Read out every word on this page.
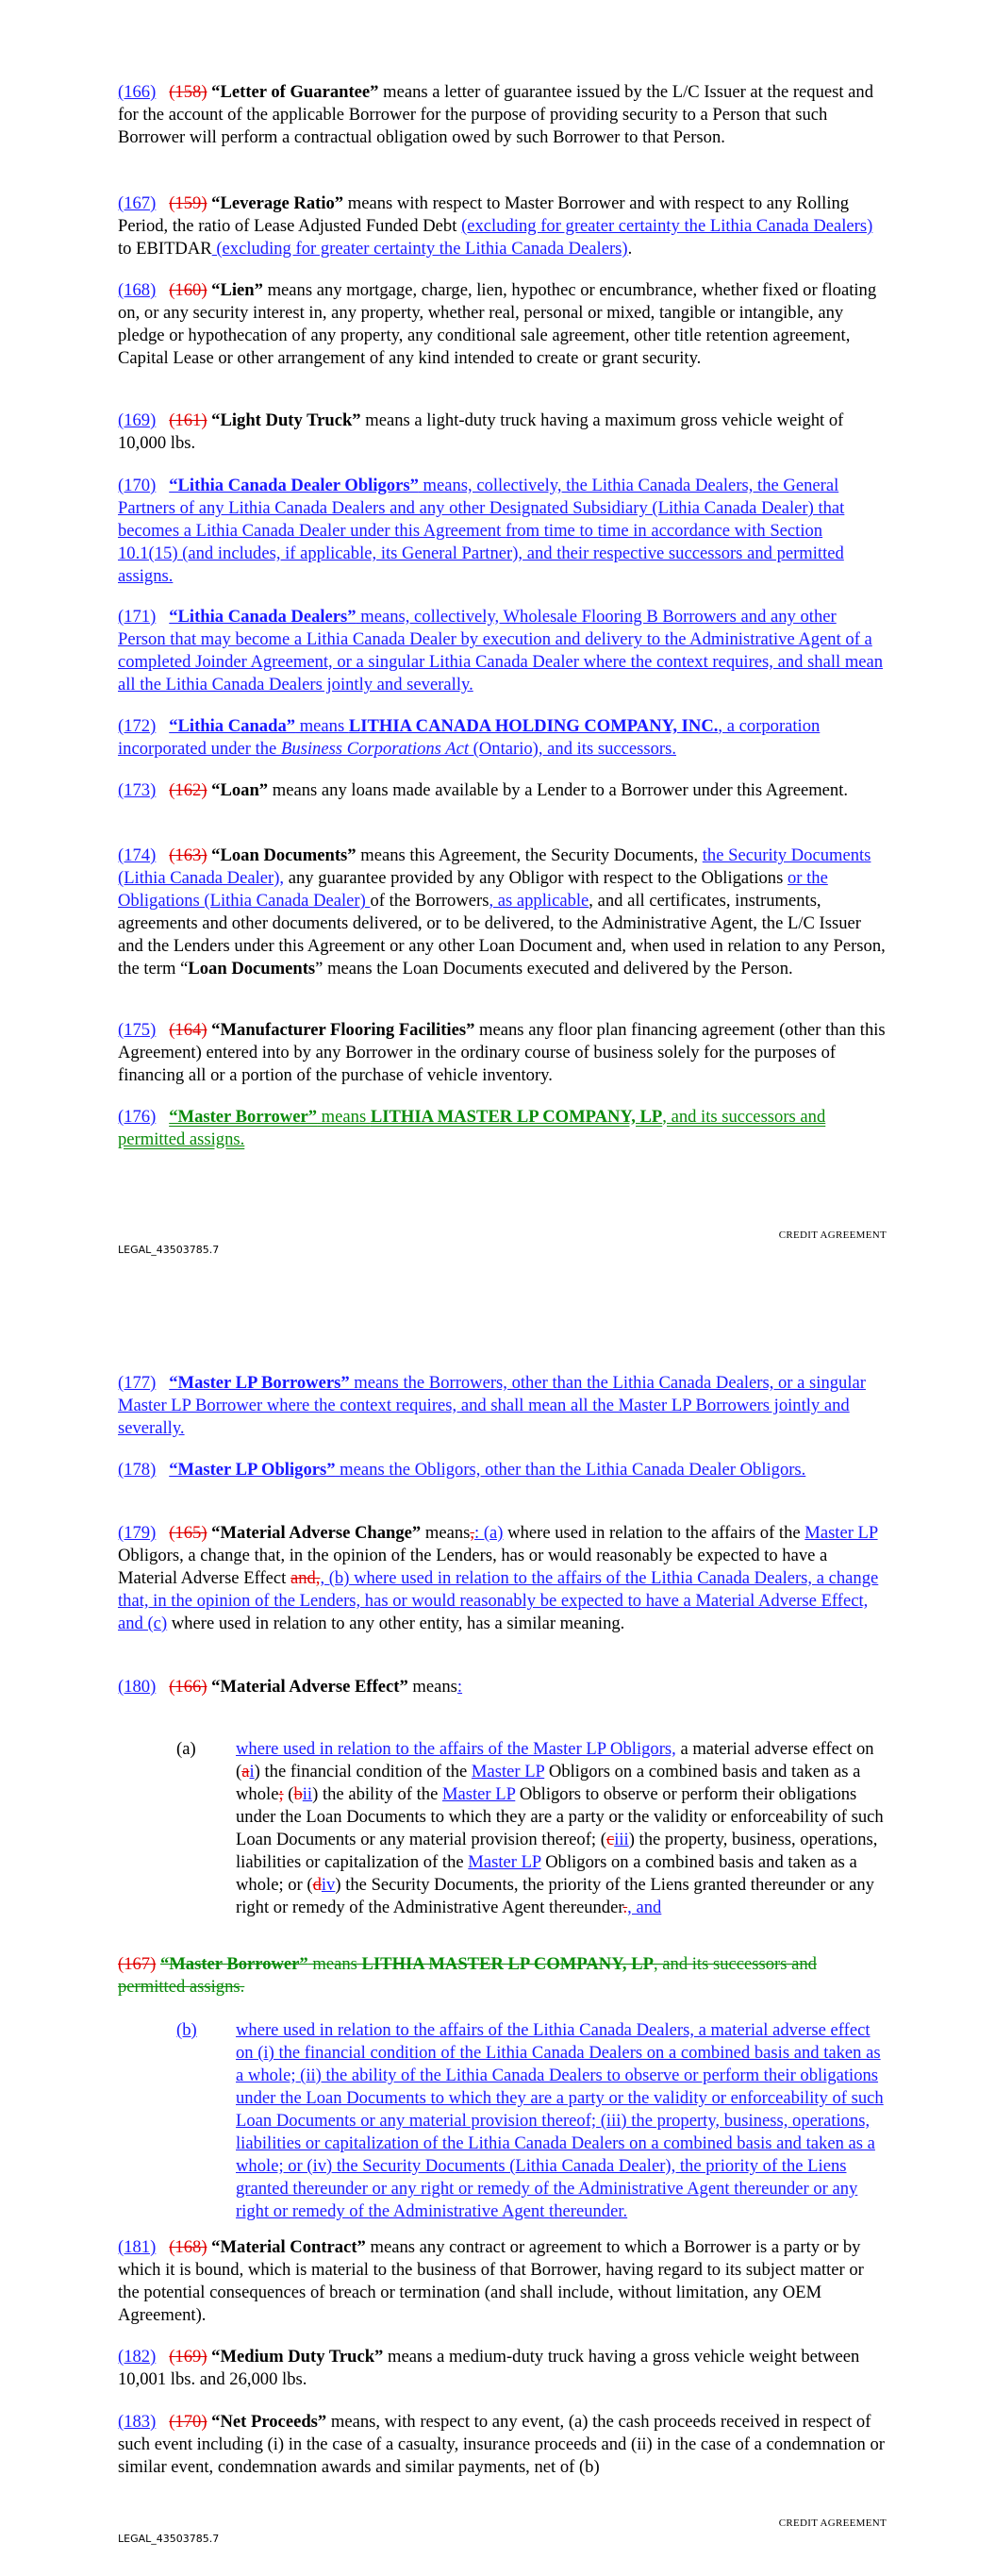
(166) (158) “Letter of Guarantee” means a letter of guarantee issued by the L/C Issuer at the request and for the account of the applicable Borrower for the purpose of providing security to a Person that such Borrower will perform a contractual obligation owed by such Borrower to that Person.

(167) (159) “Leverage Ratio” means with respect to Master Borrower and with respect to any Rolling Period, the ratio of Lease Adjusted Funded Debt (excluding for greater certainty the Lithia Canada Dealers) to EBITDAR (excluding for greater certainty the Lithia Canada Dealers).

(168) (160) “Lien” means any mortgage, charge, lien, hypothec or encumbrance, whether fixed or floating on, or any security interest in, any property, whether real, personal or mixed, tangible or intangible, any pledge or hypothecation of any property, any conditional sale agreement, other title retention agreement, Capital Lease or other arrangement of any kind intended to create or grant security.

(169) (161) “Light Duty Truck” means a light-duty truck having a maximum gross vehicle weight of 10,000 lbs.

(170) “Lithia Canada Dealer Obligors” means, collectively, the Lithia Canada Dealers, the General Partners of any Lithia Canada Dealers and any other Designated Subsidiary (Lithia Canada Dealer) that becomes a Lithia Canada Dealer under this Agreement from time to time in accordance with Section 10.1(15) (and includes, if applicable, its General Partner), and their respective successors and permitted assigns.

(171) “Lithia Canada Dealers” means, collectively, Wholesale Flooring B Borrowers and any other Person that may become a Lithia Canada Dealer by execution and delivery to the Administrative Agent of a completed Joinder Agreement, or a singular Lithia Canada Dealer where the context requires, and shall mean all the Lithia Canada Dealers jointly and severally.

(172) “Lithia Canada” means LITHIA CANADA HOLDING COMPANY, INC., a corporation incorporated under the Business Corporations Act (Ontario), and its successors.

(173) (162) “Loan” means any loans made available by a Lender to a Borrower under this Agreement.

(174) (163) “Loan Documents” means this Agreement, the Security Documents, the Security Documents (Lithia Canada Dealer), any guarantee provided by any Obligor with respect to the Obligations or the Obligations (Lithia Canada Dealer) of the Borrowers, as applicable, and all certificates, instruments, agreements and other documents delivered, or to be delivered, to the Administrative Agent, the L/C Issuer and the Lenders under this Agreement or any other Loan Document and, when used in relation to any Person, the term “Loan Documents” means the Loan Documents executed and delivered by the Person.

(175) (164) “Manufacturer Flooring Facilities” means any floor plan financing agreement (other than this Agreement) entered into by any Borrower in the ordinary course of business solely for the purposes of financing all or a portion of the purchase of vehicle inventory.

(176) “Master Borrower” means LITHIA MASTER LP COMPANY, LP, and its successors and permitted assigns.

CREDIT AGREEMENT
LEGAL_43503785.7

(177) “Master LP Borrowers” means the Borrowers, other than the Lithia Canada Dealers, or a singular Master LP Borrower where the context requires, and shall mean all the Master LP Borrowers jointly and severally.

(178) “Master LP Obligors” means the Obligors, other than the Lithia Canada Dealer Obligors.

(179) (165) “Material Adverse Change” means,: (a) where used in relation to the affairs of the Master LP Obligors, a change that, in the opinion of the Lenders, has or would reasonably be expected to have a Material Adverse Effect and,, (b) where used in relation to the affairs of the Lithia Canada Dealers, a change that, in the opinion of the Lenders, has or would reasonably be expected to have a Material Adverse Effect, and (c) where used in relation to any other entity, has a similar meaning.

(180) (166) “Material Adverse Effect” means:

(a) where used in relation to the affairs of the Master LP Obligors, a material adverse effect on (ai) the financial condition of the Master LP Obligors on a combined basis and taken as a whole; (bii) the ability of the Master LP Obligors to observe or perform their obligations under the Loan Documents to which they are a party or the validity or enforceability of such Loan Documents or any material provision thereof; (ciii) the property, business, operations, liabilities or capitalization of the Master LP Obligors on a combined basis and taken as a whole; or (div) the Security Documents, the priority of the Liens granted thereunder or any right or remedy of the Administrative Agent thereunder., and

(167) “Master Borrower” means LITHIA MASTER LP COMPANY, LP, and its successors and permitted assigns.

(b) where used in relation to the affairs of the Lithia Canada Dealers, a material adverse effect on (i) the financial condition of the Lithia Canada Dealers on a combined basis and taken as a whole; (ii) the ability of the Lithia Canada Dealers to observe or perform their obligations under the Loan Documents to which they are a party or the validity or enforceability of such Loan Documents or any material provision thereof; (iii) the property, business, operations, liabilities or capitalization of the Lithia Canada Dealers on a combined basis and taken as a whole; or (iv) the Security Documents (Lithia Canada Dealer), the priority of the Liens granted thereunder or any right or remedy of the Administrative Agent thereunder or any right or remedy of the Administrative Agent thereunder.

(181) (168) “Material Contract” means any contract or agreement to which a Borrower is a party or by which it is bound, which is material to the business of that Borrower, having regard to its subject matter or the potential consequences of breach or termination (and shall include, without limitation, any OEM Agreement).

(182) (169) “Medium Duty Truck” means a medium-duty truck having a gross vehicle weight between 10,001 lbs. and 26,000 lbs.

(183) (170) “Net Proceeds” means, with respect to any event, (a) the cash proceeds received in respect of such event including (i) in the case of a casualty, insurance proceeds and (ii) in the case of a condemnation or similar event, condemnation awards and similar payments, net of (b)

CREDIT AGREEMENT
LEGAL_43503785.7
